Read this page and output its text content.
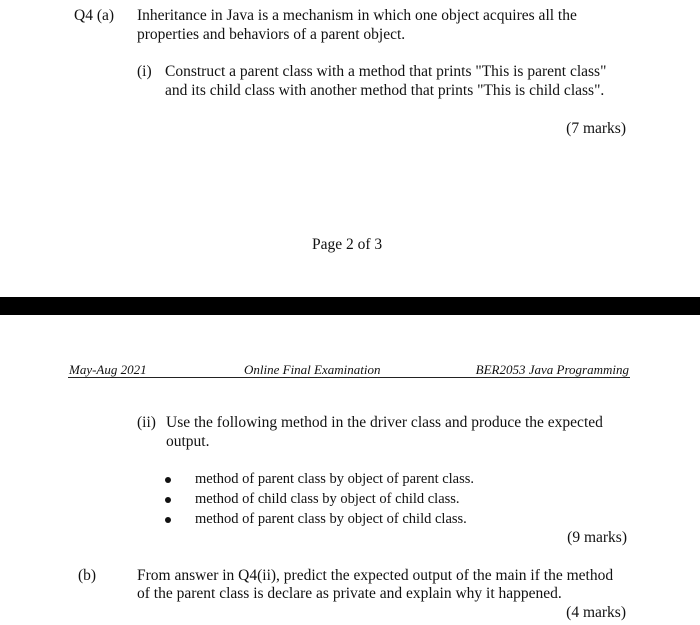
Q4 (a) Inheritance in Java is a mechanism in which one object acquires all the
properties and behaviors of a parent object.
(i) Construct a parent class with a method that prints "This is parent class"
and its child class with another method that prints "This is child class".
(7 marks)
Page 2 of 3
May-Aug 2021	Online Final Examination	BER2053 Java Programming
(ii) Use the following method in the driver class and produce the expected
output.
method of parent class by object of parent class.
method of child class by object of child class.
method of parent class by object of child class.
(9 marks)
(b)	From answer in Q4(ii), predict the expected output of the main if the method
of the parent class is declare as private and explain why it happened.
(4 marks)
